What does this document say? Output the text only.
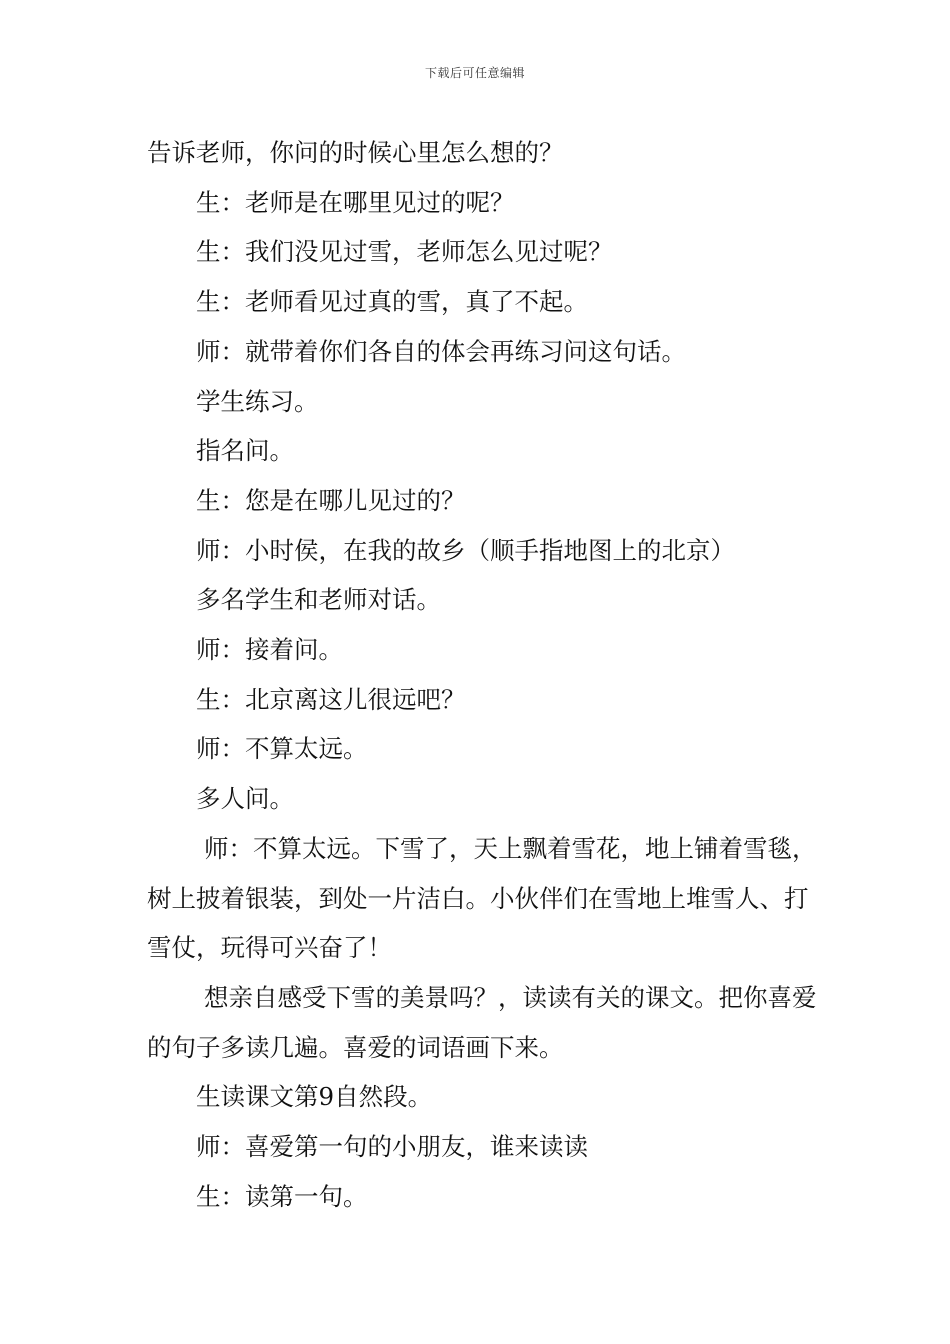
下载后可任意编辑

告诉老师，你问的时候心里怎么想的？

生：老师是在哪里见过的呢？

生：我们没见过雪，老师怎么见过呢？

生：老师看见过真的雪，真了不起。

师：就带着你们各自的体会再练习问这句话。

学生练习。

指名问。

生：您是在哪儿见过的？

师：小时侯，在我的故乡（顺手指地图上的北京）

多名学生和老师对话。

师：接着问。

生：北京离这儿很远吧？

师：不算太远。

多人问。

师：不算太远。下雪了，天上飘着雪花，地上铺着雪毯，树上披着银装，到处一片洁白。小伙伴们在雪地上堆雪人、打雪仗，玩得可兴奋了！

想亲自感受下雪的美景吗？，读读有关的课文。把你喜爱的句子多读几遍。喜爱的词语画下来。

生读课文第9自然段。

师：喜爱第一句的小朋友，谁来读读

生：读第一句。
